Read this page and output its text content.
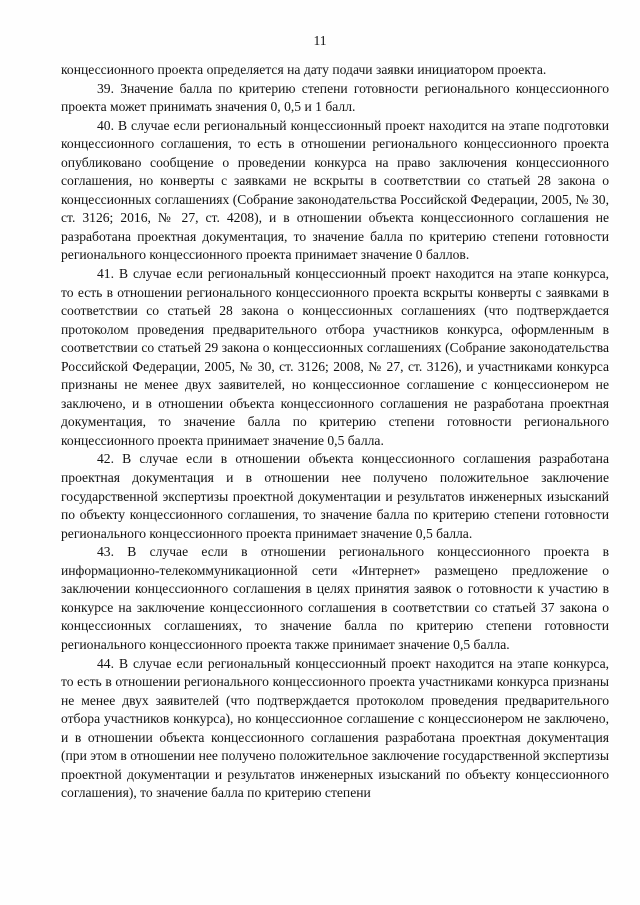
11

концессионного проекта определяется на дату подачи заявки инициатором проекта.

39. Значение балла по критерию степени готовности регионального концессионного проекта может принимать значения 0, 0,5 и 1 балл.

40. В случае если региональный концессионный проект находится на этапе подготовки концессионного соглашения, то есть в отношении регионального концессионного проекта опубликовано сообщение о проведении конкурса на право заключения концессионного соглашения, но конверты с заявками не вскрыты в соответствии со статьей 28 закона о концессионных соглашениях (Собрание законодательства Российской Федерации, 2005, № 30, ст. 3126; 2016, № 27, ст. 4208), и в отношении объекта концессионного соглашения не разработана проектная документация, то значение балла по критерию степени готовности регионального концессионного проекта принимает значение 0 баллов.

41. В случае если региональный концессионный проект находится на этапе конкурса, то есть в отношении регионального концессионного проекта вскрыты конверты с заявками в соответствии со статьей 28 закона о концессионных соглашениях (что подтверждается протоколом проведения предварительного отбора участников конкурса, оформленным в соответствии со статьей 29 закона о концессионных соглашениях (Собрание законодательства Российской Федерации, 2005, № 30, ст. 3126; 2008, № 27, ст. 3126), и участниками конкурса признаны не менее двух заявителей, но концессионное соглашение с концессионером не заключено, и в отношении объекта концессионного соглашения не разработана проектная документация, то значение балла по критерию степени готовности регионального концессионного проекта принимает значение 0,5 балла.

42. В случае если в отношении объекта концессионного соглашения разработана проектная документация и в отношении нее получено положительное заключение государственной экспертизы проектной документации и результатов инженерных изысканий по объекту концессионного соглашения, то значение балла по критерию степени готовности регионального концессионного проекта принимает значение 0,5 балла.

43. В случае если в отношении регионального концессионного проекта в информационно-телекоммуникационной сети «Интернет» размещено предложение о заключении концессионного соглашения в целях принятия заявок о готовности к участию в конкурсе на заключение концессионного соглашения в соответствии со статьей 37 закона о концессионных соглашениях, то значение балла по критерию степени готовности регионального концессионного проекта также принимает значение 0,5 балла.

44. В случае если региональный концессионный проект находится на этапе конкурса, то есть в отношении регионального концессионного проекта участниками конкурса признаны не менее двух заявителей (что подтверждается протоколом проведения предварительного отбора участников конкурса), но концессионное соглашение с концессионером не заключено, и в отношении объекта концессионного соглашения разработана проектная документация (при этом в отношении нее получено положительное заключение государственной экспертизы проектной документации и результатов инженерных изысканий по объекту концессионного соглашения), то значение балла по критерию степени
